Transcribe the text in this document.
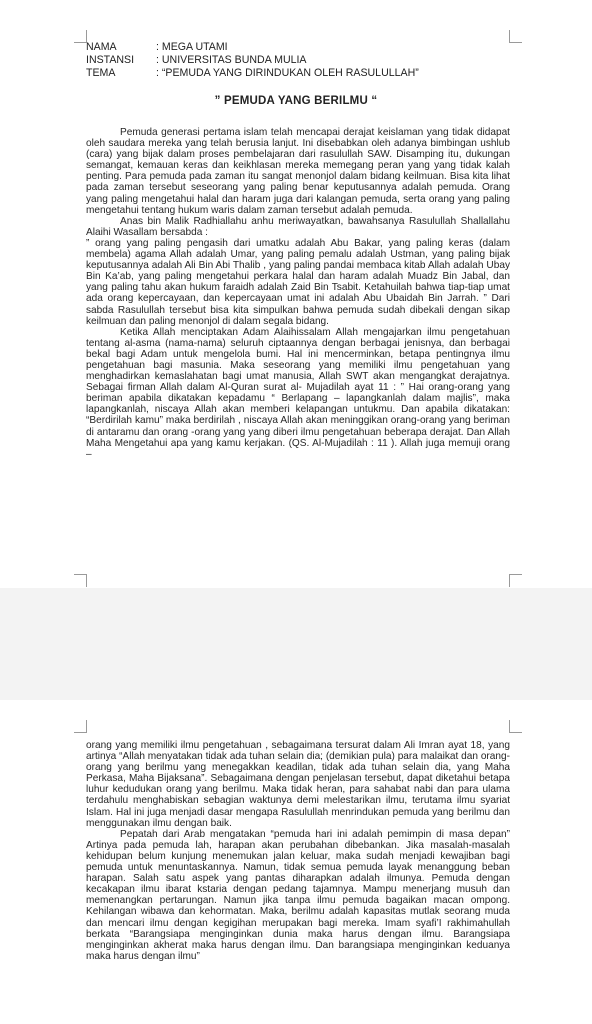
NAMA	: MEGA UTAMI
INSTANSI	: UNIVERSITAS BUNDA MULIA
TEMA	: “PEMUDA YANG DIRINDUKAN OLEH RASULULLAH”
” PEMUDA YANG BERILMU “

Pemuda generasi pertama islam telah mencapai derajat keislaman yang tidak didapat oleh saudara mereka yang telah berusia lanjut. Ini disebabkan oleh adanya bimbingan ushlub (cara) yang bijak dalam proses pembelajaran dari rasulullah SAW. Disamping itu, dukungan semangat, kemauan keras dan keikhlasan mereka memegang peran yang yang tidak kalah penting. Para pemuda pada zaman itu sangat menonjol dalam bidang keilmuan. Bisa kita lihat pada zaman tersebut seseorang yang paling benar keputusannya adalah pemuda. Orang yang paling mengetahui halal dan haram juga dari kalangan pemuda, serta orang yang paling mengetahui tentang hukum waris dalam zaman tersebut adalah pemuda.

Anas bin Malik Radhiallahu anhu meriwayatkan, bawahsanya Rasulullah Shallallahu Alaihi Wasallam bersabda :

” orang yang paling pengasih dari umatku adalah Abu Bakar, yang paling keras (dalam membela) agama Allah adalah Umar, yang paling pemalu adalah Ustman, yang paling bijak keputusannya adalah Ali Bin Abi Thalib , yang paling pandai membaca kitab Allah adalah Ubay Bin Ka’ab, yang paling mengetahui perkara halal dan haram adalah Muadz Bin Jabal, dan yang paling tahu akan hukum faraidh adalah Zaid Bin Tsabit. Ketahuilah bahwa tiap-tiap umat ada orang kepercayaan, dan kepercayaan umat ini adalah Abu Ubaidah Bin Jarrah. ” Dari sabda Rasulullah tersebut bisa kita simpulkan bahwa pemuda sudah dibekali dengan sikap keilmuan dan paling menonjol di dalam segala bidang.

Ketika Allah menciptakan Adam Alaihissalam Allah mengajarkan ilmu pengetahuan tentang al-asma (nama-nama) seluruh ciptaannya dengan berbagai jenisnya, dan berbagai bekal bagi Adam untuk mengelola bumi. Hal ini mencerminkan, betapa pentingnya ilmu pengetahuan bagi masunia. Maka seseorang yang memiliki ilmu pengetahuan yang menghadirkan kemaslahatan bagi umat manusia, Allah SWT akan mengangkat derajatnya. Sebagai firman Allah dalam Al-Quran surat al- Mujadilah ayat 11 : ” Hai orang-orang yang beriman apabila dikatakan kepadamu “ Berlapang – lapangkanlah dalam majlis”, maka lapangkanlah, niscaya Allah akan memberi kelapangan untukmu. Dan apabila dikatakan: “Berdirilah kamu” maka berdirilah , niscaya Allah akan meninggikan orang-orang yang beriman di antaramu dan orang -orang yang yang diberi ilmu pengetahuan beberapa derajat. Dan Allah Maha Mengetahui apa yang kamu kerjakan. (QS. Al-Mujadilah : 11 ). Allah juga memuji orang –

orang yang memiliki ilmu pengetahuan , sebagaimana tersurat dalam Ali Imran ayat 18, yang artinya “Allah menyatakan tidak ada tuhan selain dia; (demikian pula) para malaikat dan orang-orang yang berilmu yang menegakkan keadilan, tidak ada tuhan selain dia, yang Maha Perkasa, Maha Bijaksana”. Sebagaimana dengan penjelasan tersebut, dapat diketahui betapa luhur kedudukan orang yang berilmu. Maka tidak heran, para sahabat nabi dan para ulama terdahulu menghabiskan sebagian waktunya demi melestarikan ilmu, terutama ilmu syariat Islam. Hal ini juga menjadi dasar mengapa Rasulullah menrindukan pemuda yang berilmu dan menggunakan ilmu dengan baik.

Pepatah dari Arab mengatakan “pemuda hari ini adalah pemimpin di masa depan” Artinya pada pemuda lah, harapan akan perubahan dibebankan. Jika masalah-masalah kehidupan belum kunjung menemukan jalan keluar, maka sudah menjadi kewajiban bagi pemuda untuk menuntaskannya. Namun, tidak semua pemuda layak menanggung beban harapan. Salah satu aspek yang pantas diharapkan adalah ilmunya. Pemuda dengan kecakapan ilmu ibarat kstaria dengan pedang tajamnya. Mampu menerjang musuh dan memenangkan pertarungan. Namun jika tanpa ilmu pemuda bagaikan macan ompong. Kehilangan wibawa dan kehormatan. Maka, berilmu adalah kapasitas mutlak seorang muda dan mencari ilmu dengan kegigihan merupakan bagi mereka. Imam syafi’I rakhimahullah berkata “Barangsiapa menginginkan dunia maka harus dengan ilmu. Barangsiapa menginginkan akherat maka harus dengan ilmu. Dan barangsiapa menginginkan keduanya maka harus dengan ilmu”
